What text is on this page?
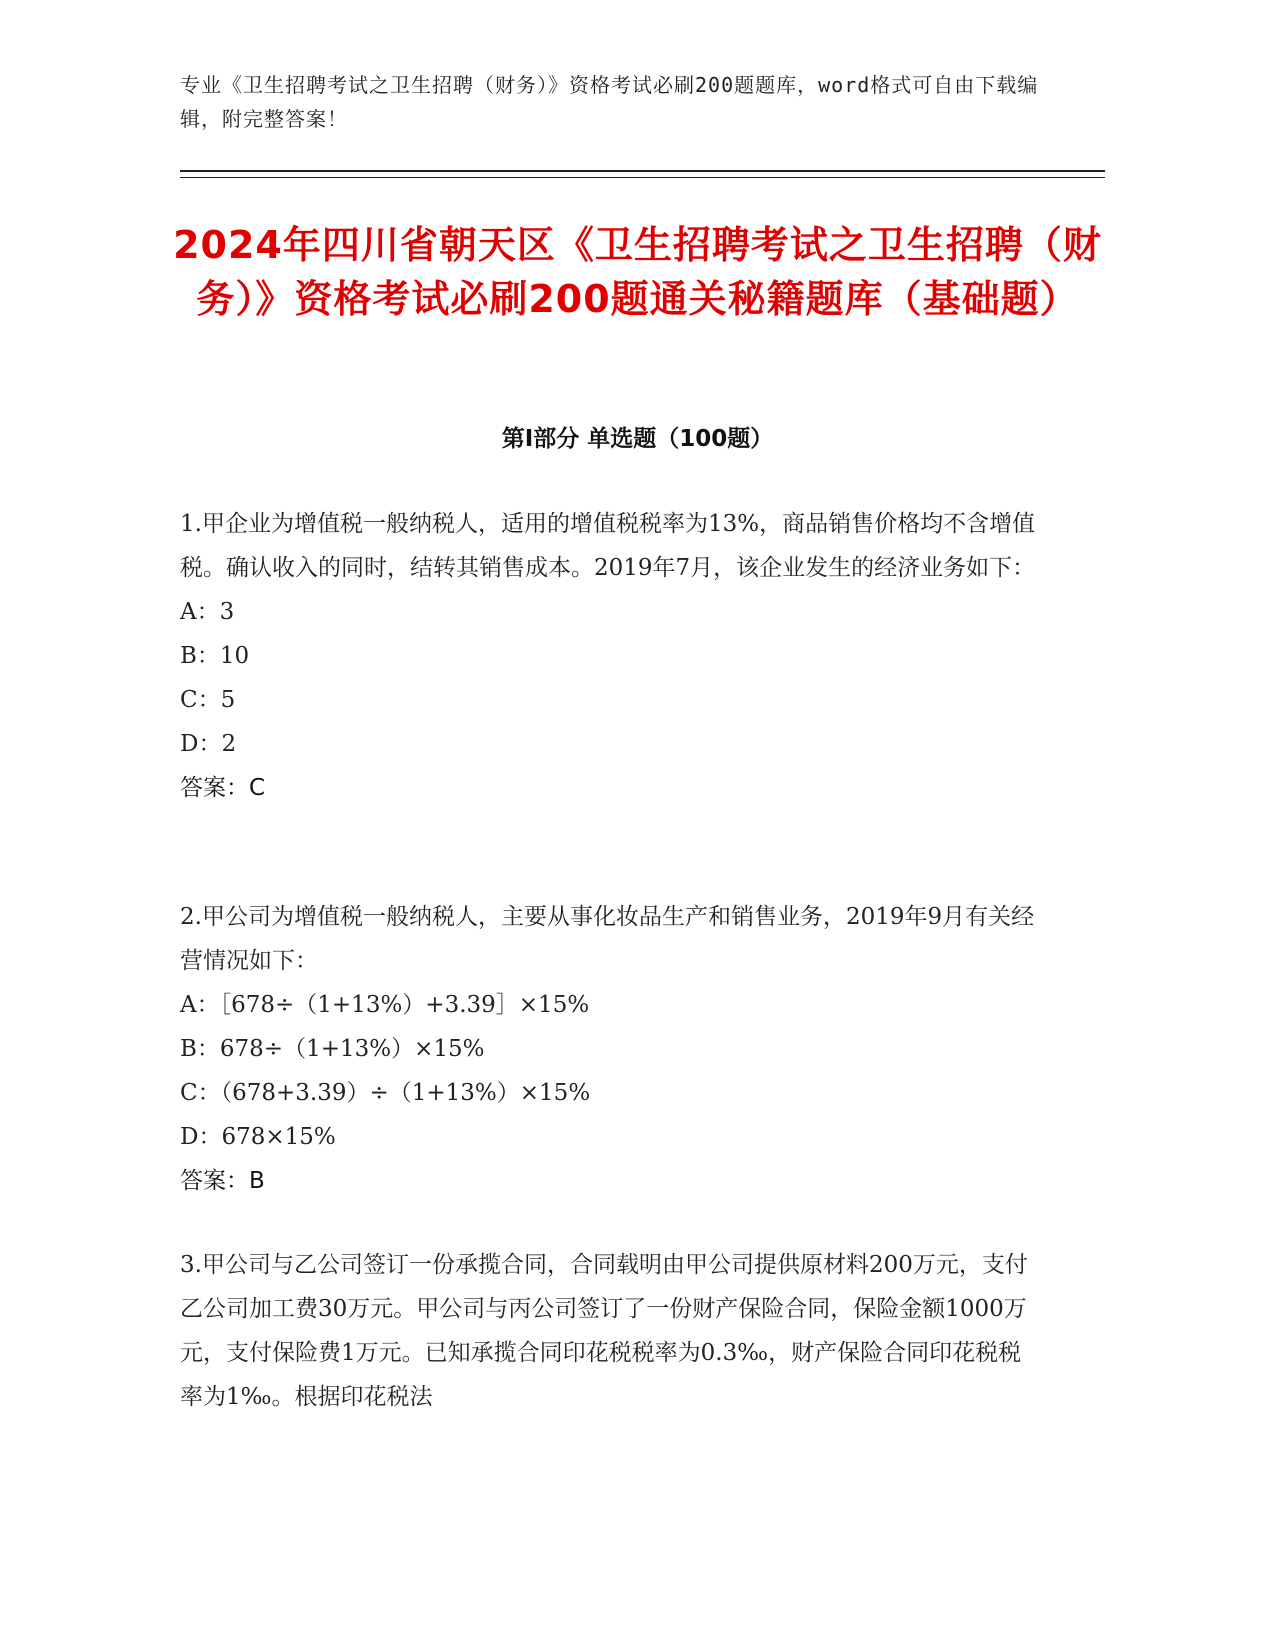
专业《卫生招聘考试之卫生招聘（财务）》资格考试必刷200题题库，word格式可自由下载编辑，附完整答案！
2024年四川省朝天区《卫生招聘考试之卫生招聘（财务）》资格考试必刷200题通关秘籍题库（基础题）
第I部分 单选题（100题）

1.甲企业为增值税一般纳税人，适用的增值税税率为13%，商品销售价格均不含增值税。确认收入的同时，结转其销售成本。2019年7月，该企业发生的经济业务如下：

A：3

B：10

C：5

D：2

答案：C

2.甲公司为增值税一般纳税人，主要从事化妆品生产和销售业务，2019年9月有关经营情况如下：

A：［678÷（1+13%）+3.39］×15%

B：678÷（1+13%）×15%

C：（678+3.39）÷（1+13%）×15%

D：678×15%

答案：B

3.甲公司与乙公司签订一份承揽合同，合同载明由甲公司提供原材料200万元，支付乙公司加工费30万元。甲公司与丙公司签订了一份财产保险合同，保险金额1000万元，支付保险费1万元。已知承揽合同印花税税率为0.3‰，财产保险合同印花税税率为1‰。根据印花税法
